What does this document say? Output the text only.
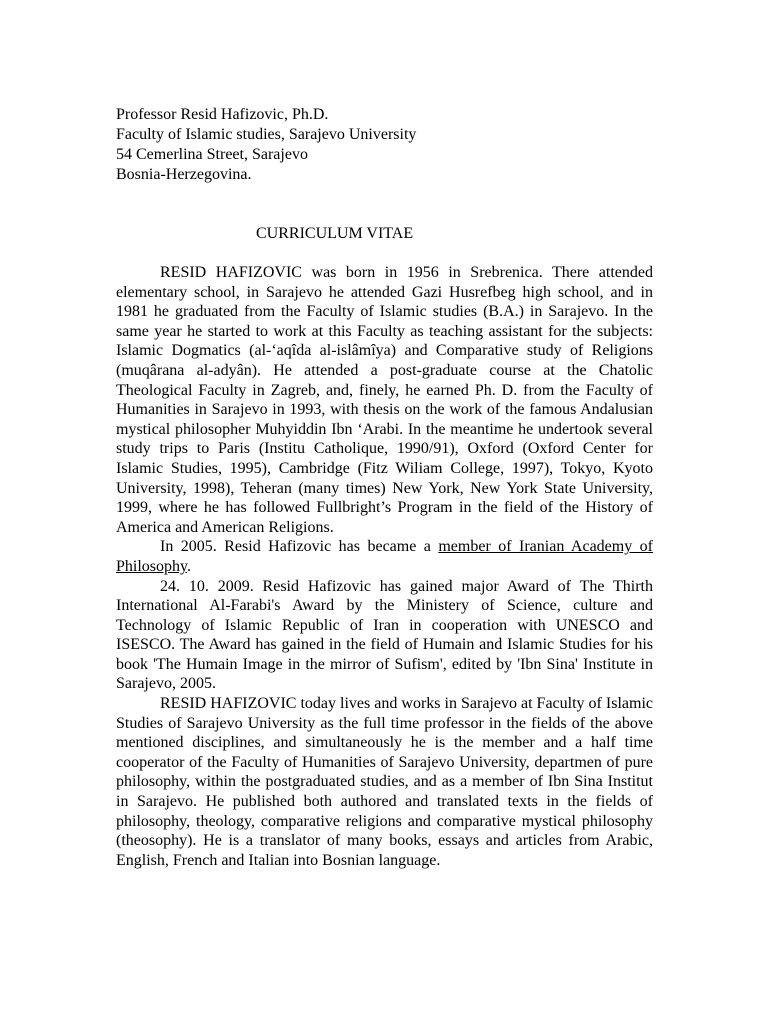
Professor Resid Hafizovic, Ph.D.
Faculty of Islamic studies, Sarajevo University
54 Cemerlina Street, Sarajevo
Bosnia-Herzegovina.
CURRICULUM VITAE

RESID HAFIZOVIC was born in 1956 in Srebrenica. There attended elementary school, in Sarajevo he attended Gazi Husrefbeg high school, and in 1981 he graduated from the Faculty of Islamic studies (B.A.) in Sarajevo. In the same year he started to work at this Faculty as teaching assistant for the subjects: Islamic Dogmatics (al-‘aqîda al-islâmîya) and Comparative study of Religions (muqârana al-adyân). He attended a post-graduate course at the Chatolic Theological Faculty in Zagreb, and, finely, he earned Ph. D. from the Faculty of Humanities in Sarajevo in 1993, with thesis on the work of the famous Andalusian mystical philosopher Muhyiddin Ibn ‘Arabi. In the meantime he undertook several study trips to Paris (Institu Catholique, 1990/91), Oxford (Oxford Center for Islamic Studies, 1995), Cambridge (Fitz Wiliam College, 1997), Tokyo, Kyoto University, 1998), Teheran (many times) New York, New York State University, 1999, where he has followed Fullbright’s Program in the field of the History of America and American Religions.

In 2005. Resid Hafizovic has became a member of Iranian Academy of Philosophy.

24. 10. 2009. Resid Hafizovic has gained major Award of The Thirth International Al-Farabi's Award by the Ministery of Science, culture and Technology of Islamic Republic of Iran in cooperation with UNESCO and ISESCO. The Award has gained in the field of Humain and Islamic Studies for his book 'The Humain Image in the mirror of Sufism', edited by 'Ibn Sina' Institute in Sarajevo, 2005.

RESID HAFIZOVIC today lives and works in Sarajevo at Faculty of Islamic Studies of Sarajevo University as the full time professor in the fields of the above mentioned disciplines, and simultaneously he is the member and a half time cooperator of the Faculty of Humanities of Sarajevo University, departmen of pure philosophy, within the postgraduated studies, and as a member of Ibn Sina Institut in Sarajevo. He published both authored and translated texts in the fields of philosophy, theology, comparative religions and comparative mystical philosophy (theosophy). He is a translator of many books, essays and articles from Arabic, English, French and Italian into Bosnian language.
